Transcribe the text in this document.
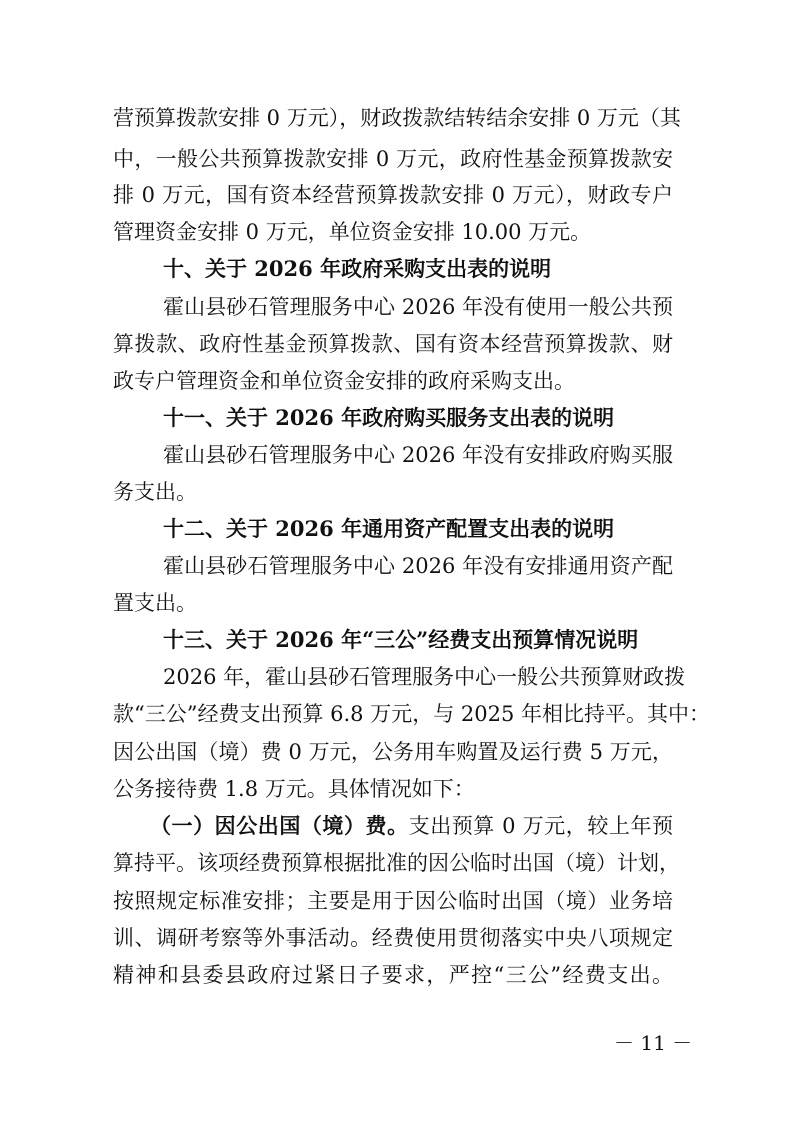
营预算拨款安排 0 万元），财政拨款结转结余安排 0 万元（其
中，一般公共预算拨款安排 0 万元，政府性基金预算拨款安
排 0 万元，国有资本经营预算拨款安排 0 万元），财政专户
管理资金安排 0 万元，单位资金安排 10.00 万元。
十、关于 2026 年政府采购支出表的说明
霍山县砂石管理服务中心 2026 年没有使用一般公共预
算拨款、政府性基金预算拨款、国有资本经营预算拨款、财
政专户管理资金和单位资金安排的政府采购支出。
十一、关于 2026 年政府购买服务支出表的说明
霍山县砂石管理服务中心 2026 年没有安排政府购买服
务支出。
十二、关于 2026 年通用资产配置支出表的说明
霍山县砂石管理服务中心 2026 年没有安排通用资产配
置支出。
十三、关于 2026 年“三公”经费支出预算情况说明
2026 年，霍山县砂石管理服务中心一般公共预算财政拨
款“三公”经费支出预算 6.8 万元，与 2025 年相比持平。其中：
因公出国（境）费 0 万元，公务用车购置及运行费 5 万元，
公务接待费 1.8 万元。具体情况如下：
（一）因公出国（境）费。支出预算 0 万元，较上年预
算持平。该项经费预算根据批准的因公临时出国（境）计划，
按照规定标准安排；主要是用于因公临时出国（境）业务培
训、调研考察等外事活动。经费使用贯彻落实中央八项规定
精神和县委县政府过紧日子要求，严控“三公”经费支出。
－ 11 －
